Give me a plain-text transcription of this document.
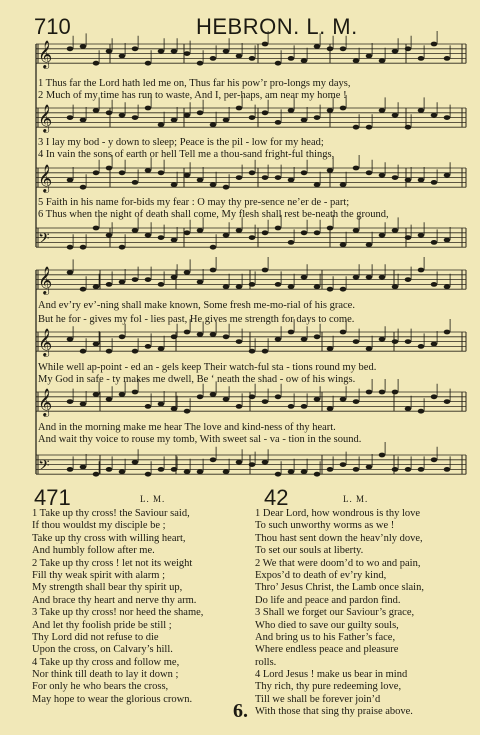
710	HEBRON. L. M.
𝄞
𝄞
𝄞
𝄢
𝄞
𝄞
𝄞
𝄢
1 Thus far the Lord hath led me on, Thus far his pow’r pro-longs my days,
2 Much of my time has run to waste, And I, per-haps, am near my home !
3 I lay my bod - y down to sleep; Peace is the pil - low for my head;
4 In vain the sons of earth or hell Tell me a thou-sand fright-ful things,
5 Faith in his name for-bids my fear : O may thy pre-sence ne’er de - part;
6 Thus when the night of death shall come, My flesh shall rest be-neath the ground,
And ev’ry ev’-ning shall make known, Some fresh me-mo-rial of his grace.
But he for - gives my fol - lies past, He gives me strength for days to come.
While well ap-point - ed an - gels keep Their watch-ful sta - tions round my bed.
My God in safe - ty makes me dwell, Be ‘ neath the shad - ow of his wings.
And in the morning make me hear The love and kind-ness of thy heart.
And wait thy voice to rouse my tomb, With sweet sal - va - tion in the sound.
471	L. M.
1 Take up thy cross! the Saviour said,
If thou wouldst my disciple be ;
Take up thy cross with willing heart,
And humbly follow after me.
2 Take up thy cross ! let not its weight
Fill thy weak spirit with alarm ;
My strength shall bear thy spirit up,
And brace thy heart and nerve thy arm.
3 Take up thy cross! nor heed the shame,
And let thy foolish pride be still ;
Thy Lord did not refuse to die
Upon the cross, on Calvary’s hill.
4 Take up thy cross and follow me,
Nor think till death to lay it down ;
For only he who bears the cross,
May hope to wear the glorious crown.
42	L. M.
1 Dear Lord, how wondrous is thy love
To such unworthy worms as we !
Thou hast sent down the heav’nly dove,
To set our souls at liberty.
2 We that were doom’d to wo and pain,
Expos’d to death of ev’ry kind,
Thro’ Jesus Christ, the Lamb once slain,
Do life and peace and pardon find.
3 Shall we forget our Saviour’s grace,
Who died to save our guilty souls,
And bring us to his Father’s face,
Where endless peace and pleasure
rolls.
4 Lord Jesus ! make us bear in mind
Thy rich, thy pure redeeming love,
Till we shall be forever join’d
With those that sing thy praise above.
6.
